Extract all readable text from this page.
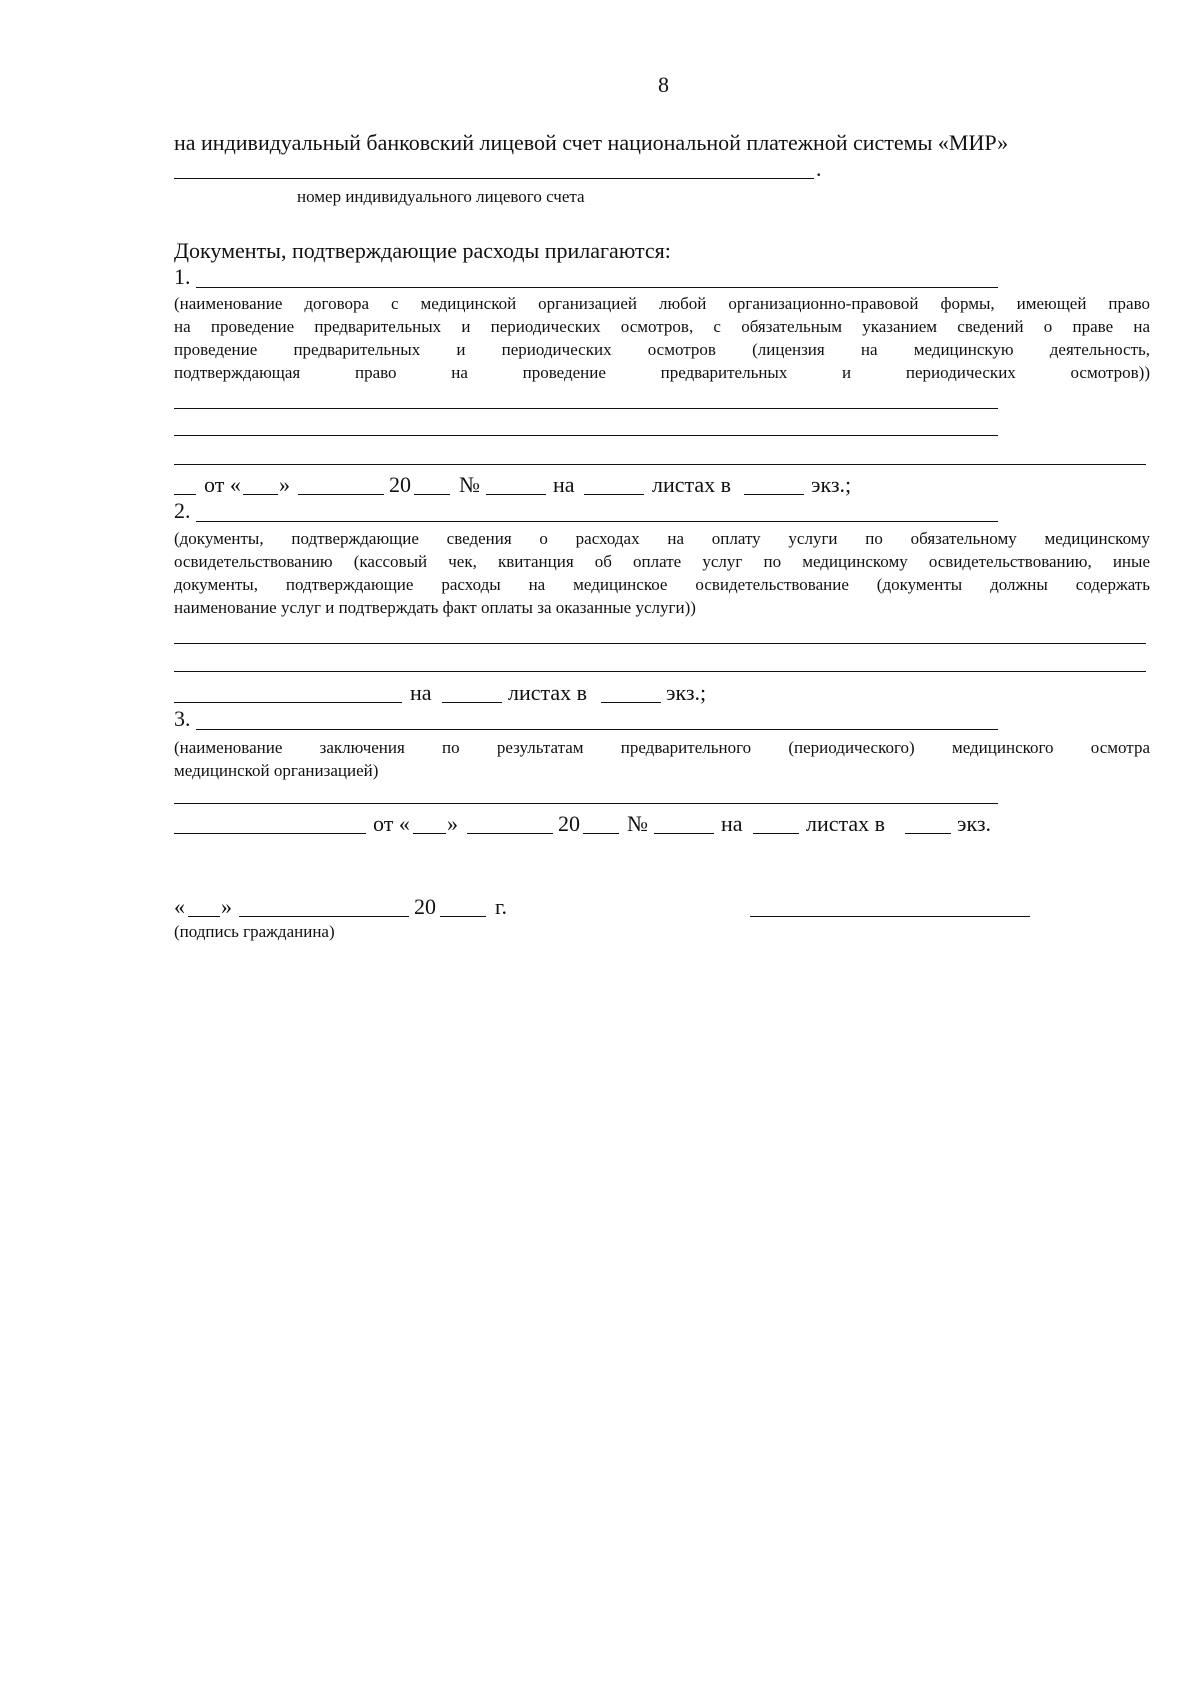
8
на индивидуальный банковский лицевой счет национальной платежной системы «МИР»
.
номер индивидуального лицевого счета
Документы, подтверждающие расходы прилагаются:
1.
(наименование договора с медицинской организацией любой организационно-правовой формы, имеющей право
на проведение предварительных и периодических осмотров, с обязательным указанием сведений о праве на
проведение предварительных и периодических осмотров (лицензия на медицинскую деятельность,
подтверждающая право на проведение предварительных и периодических осмотров))
от « »	20 №	на	листах в	экз.;
2.
(документы, подтверждающие сведения о расходах на оплату услуги по обязательному медицинскому
освидетельствованию (кассовый чек, квитанция об оплате услуг по медицинскому освидетельствованию, иные
документы, подтверждающие расходы на медицинское освидетельствование (документы должны содержать
наименование услуг и подтверждать факт оплаты за оказанные услуги))
на	листах в	экз.;
3.
(наименование заключения по результатам предварительного (периодического) медицинского осмотра
медицинской организацией)
от « »	20 №	на	листах в	экз.
« »	20	г.
(подпись гражданина)
